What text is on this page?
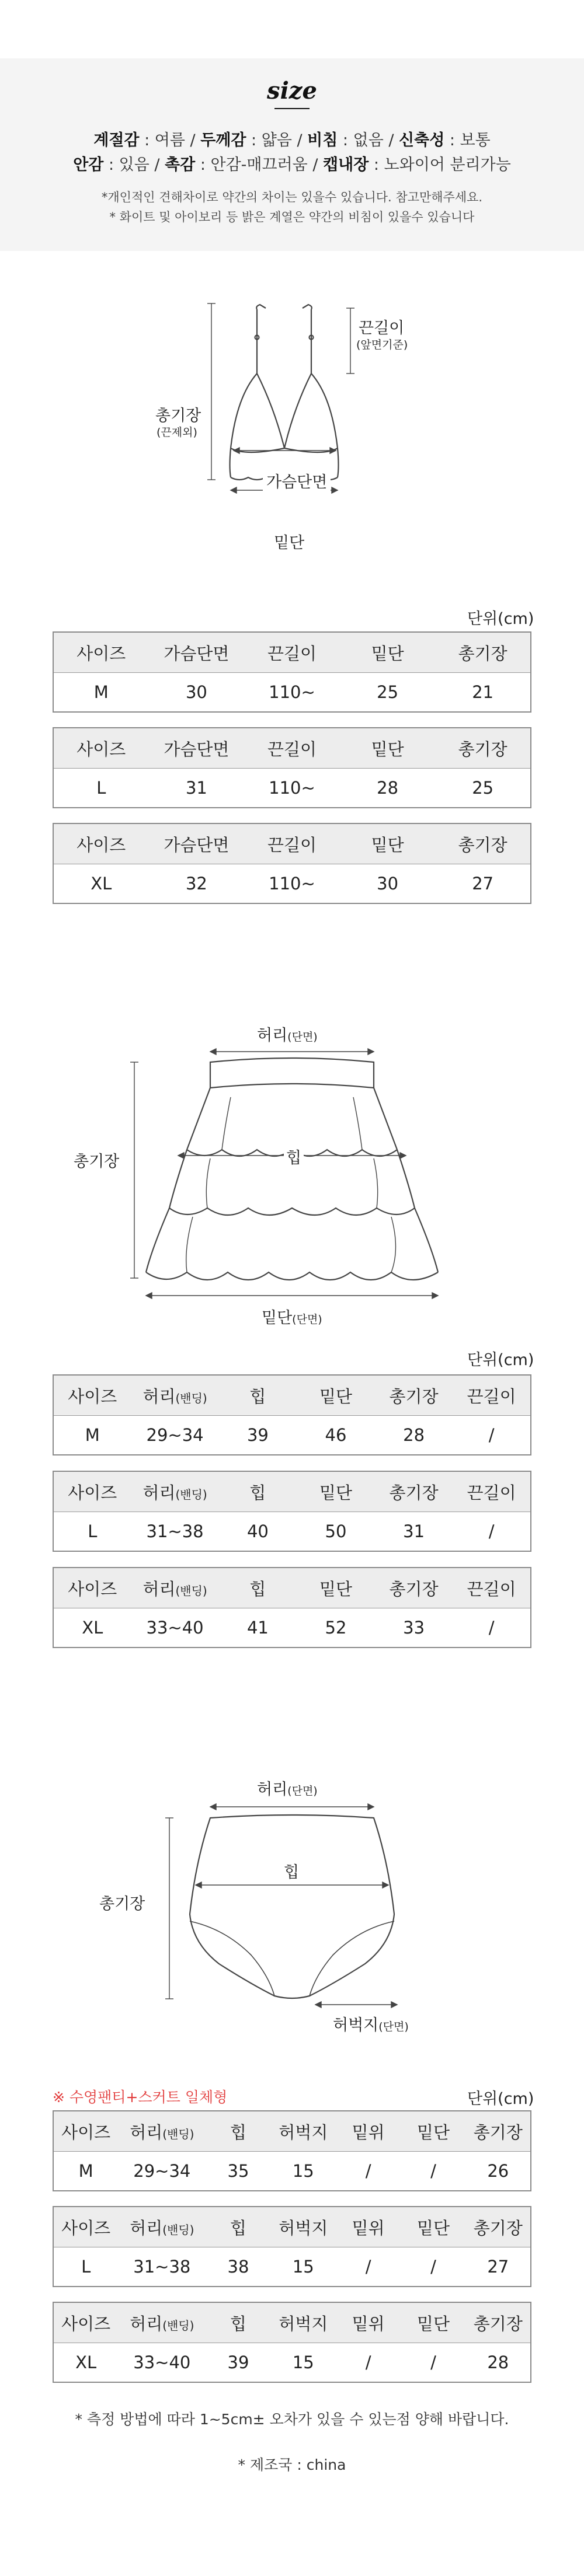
size
계절감 : 여름 / 두께감 : 얇음 / 비침 : 없음 / 신축성 : 보통
안감 : 있음 / 촉감 : 안감-매끄러움 / 캡내장 : 노와이어 분리가능
*개인적인 견해차이로 약간의 차이는 있을수 있습니다. 참고만해주세요.
* 화이트 및 아이보리 등 밝은 계열은 약간의 비침이 있을수 있습니다
끈길이
(앞면기준)
총기장
(끈제외)
가슴단면
밑단
단위(cm)
사이즈	가슴단면	끈길이	밑단	총기장
M	30	110~	25	21
사이즈	가슴단면	끈길이	밑단	총기장
L	31	110~	28	25
사이즈	가슴단면	끈길이	밑단	총기장
XL	32	110~	30	27
허리(단면)
총기장	힙
밑단(단면)
단위(cm)
사이즈	허리(밴딩)	힙	밑단	총기장	끈길이
M	29~34	39	46	28	/
사이즈	허리(밴딩)	힙	밑단	총기장	끈길이
L	31~38	40	50	31	/
사이즈	허리(밴딩)	힙	밑단	총기장	끈길이
XL	33~40	41	52	33	/
허리(단면)
총기장
힙
허벅지(단면)
※ 수영팬티+스커트 일체형	단위(cm)
사이즈	허리(밴딩)	힙	허벅지	밑위	밑단	총기장
M	29~34	35	15	/	/	26
사이즈	허리(밴딩)	힙	허벅지	밑위	밑단	총기장
L	31~38	38	15	/	/	27
사이즈	허리(밴딩)	힙	허벅지	밑위	밑단	총기장
XL	33~40	39	15	/	/	28
* 측정 방법에 따라 1~5cm± 오차가 있을 수 있는점 양해 바랍니다.
* 제조국 : china
